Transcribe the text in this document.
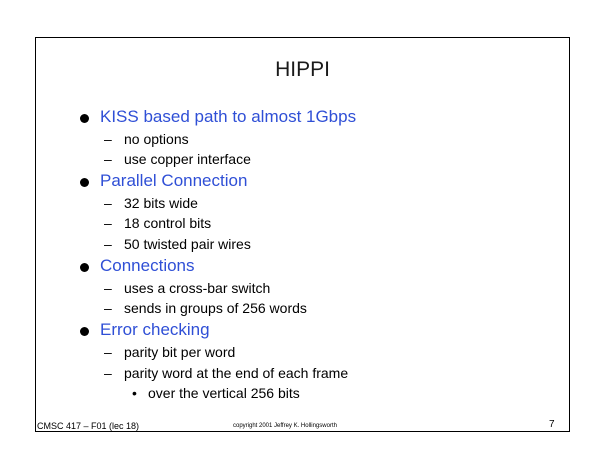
HIPPI
KISS based path to almost 1Gbps
– no options
– use copper interface
Parallel Connection
– 32 bits wide
– 18 control bits
– 50 twisted pair wires
Connections
– uses a cross-bar switch
– sends in groups of 256 words
Error checking
– parity bit per word
– parity word at the end of each frame
• over the vertical 256 bits
CMSC 417 – F01 (lec 18)	copyright 2001 Jeffrey K. Hollingsworth	7
